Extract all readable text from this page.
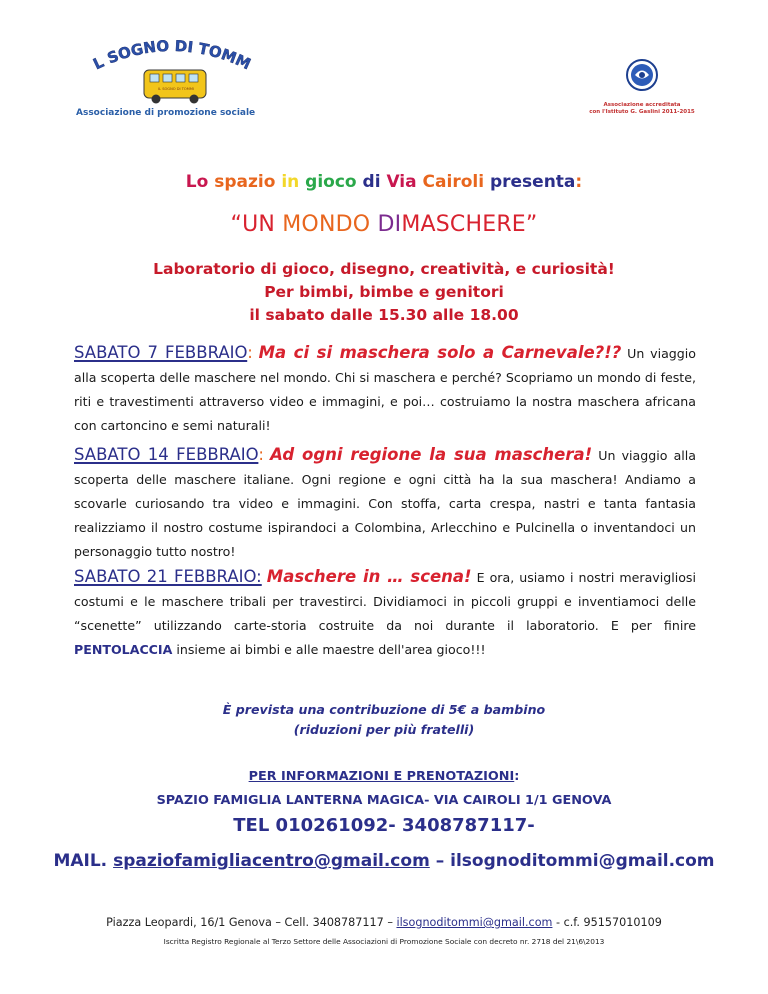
L SOGNO DI TOMM
IL SOGNO DI TOMMI
Associazione di promozione sociale
Associazione accreditata
con l'Istituto G. Gaslini 2011-2015
Lo spazio in gioco di Via Cairoli presenta:
“UN MONDO DIMASCHERE”
Laboratorio di gioco, disegno, creatività, e curiosità!
Per bimbi, bimbe e genitori
il sabato dalle 15.30 alle 18.00
SABATO 7 FEBBRAIO: Ma ci si maschera solo a Carnevale?!? Un viaggio alla scoperta delle maschere nel mondo. Chi si maschera e perché? Scopriamo un mondo di feste, riti e travestimenti attraverso video e immagini, e poi… costruiamo la nostra maschera africana con cartoncino e semi naturali!
SABATO 14 FEBBRAIO: Ad ogni regione la sua maschera! Un viaggio alla scoperta delle maschere italiane. Ogni regione e ogni città ha la sua maschera! Andiamo a scovarle curiosando tra video e immagini. Con stoffa, carta crespa, nastri e tanta fantasia realizziamo il nostro costume ispirandoci a Colombina, Arlecchino e Pulcinella o inventandoci un personaggio tutto nostro!
SABATO 21 FEBBRAIO: Maschere in … scena! E ora, usiamo i nostri meravigliosi costumi e le maschere tribali per travestirci. Dividiamoci in piccoli gruppi e inventiamoci delle “scenette” utilizzando carte-storia costruite da noi durante il laboratorio. E per finire PENTOLACCIA insieme ai bimbi e alle maestre dell'area gioco!!!
È prevista una contribuzione di 5€ a bambino
(riduzioni per più fratelli)
PER INFORMAZIONI E PRENOTAZIONI:
SPAZIO FAMIGLIA LANTERNA MAGICA- VIA CAIROLI 1/1 GENOVA
TEL 010261092- 3408787117-
MAIL. spaziofamigliacentro@gmail.com – ilsognoditommi@gmail.com
Piazza Leopardi, 16/1 Genova – Cell. 3408787117 – ilsognoditommi@gmail.com - c.f. 95157010109
Iscritta Registro Regionale al Terzo Settore delle Associazioni di Promozione Sociale con decreto nr. 2718 del 21\6\2013
